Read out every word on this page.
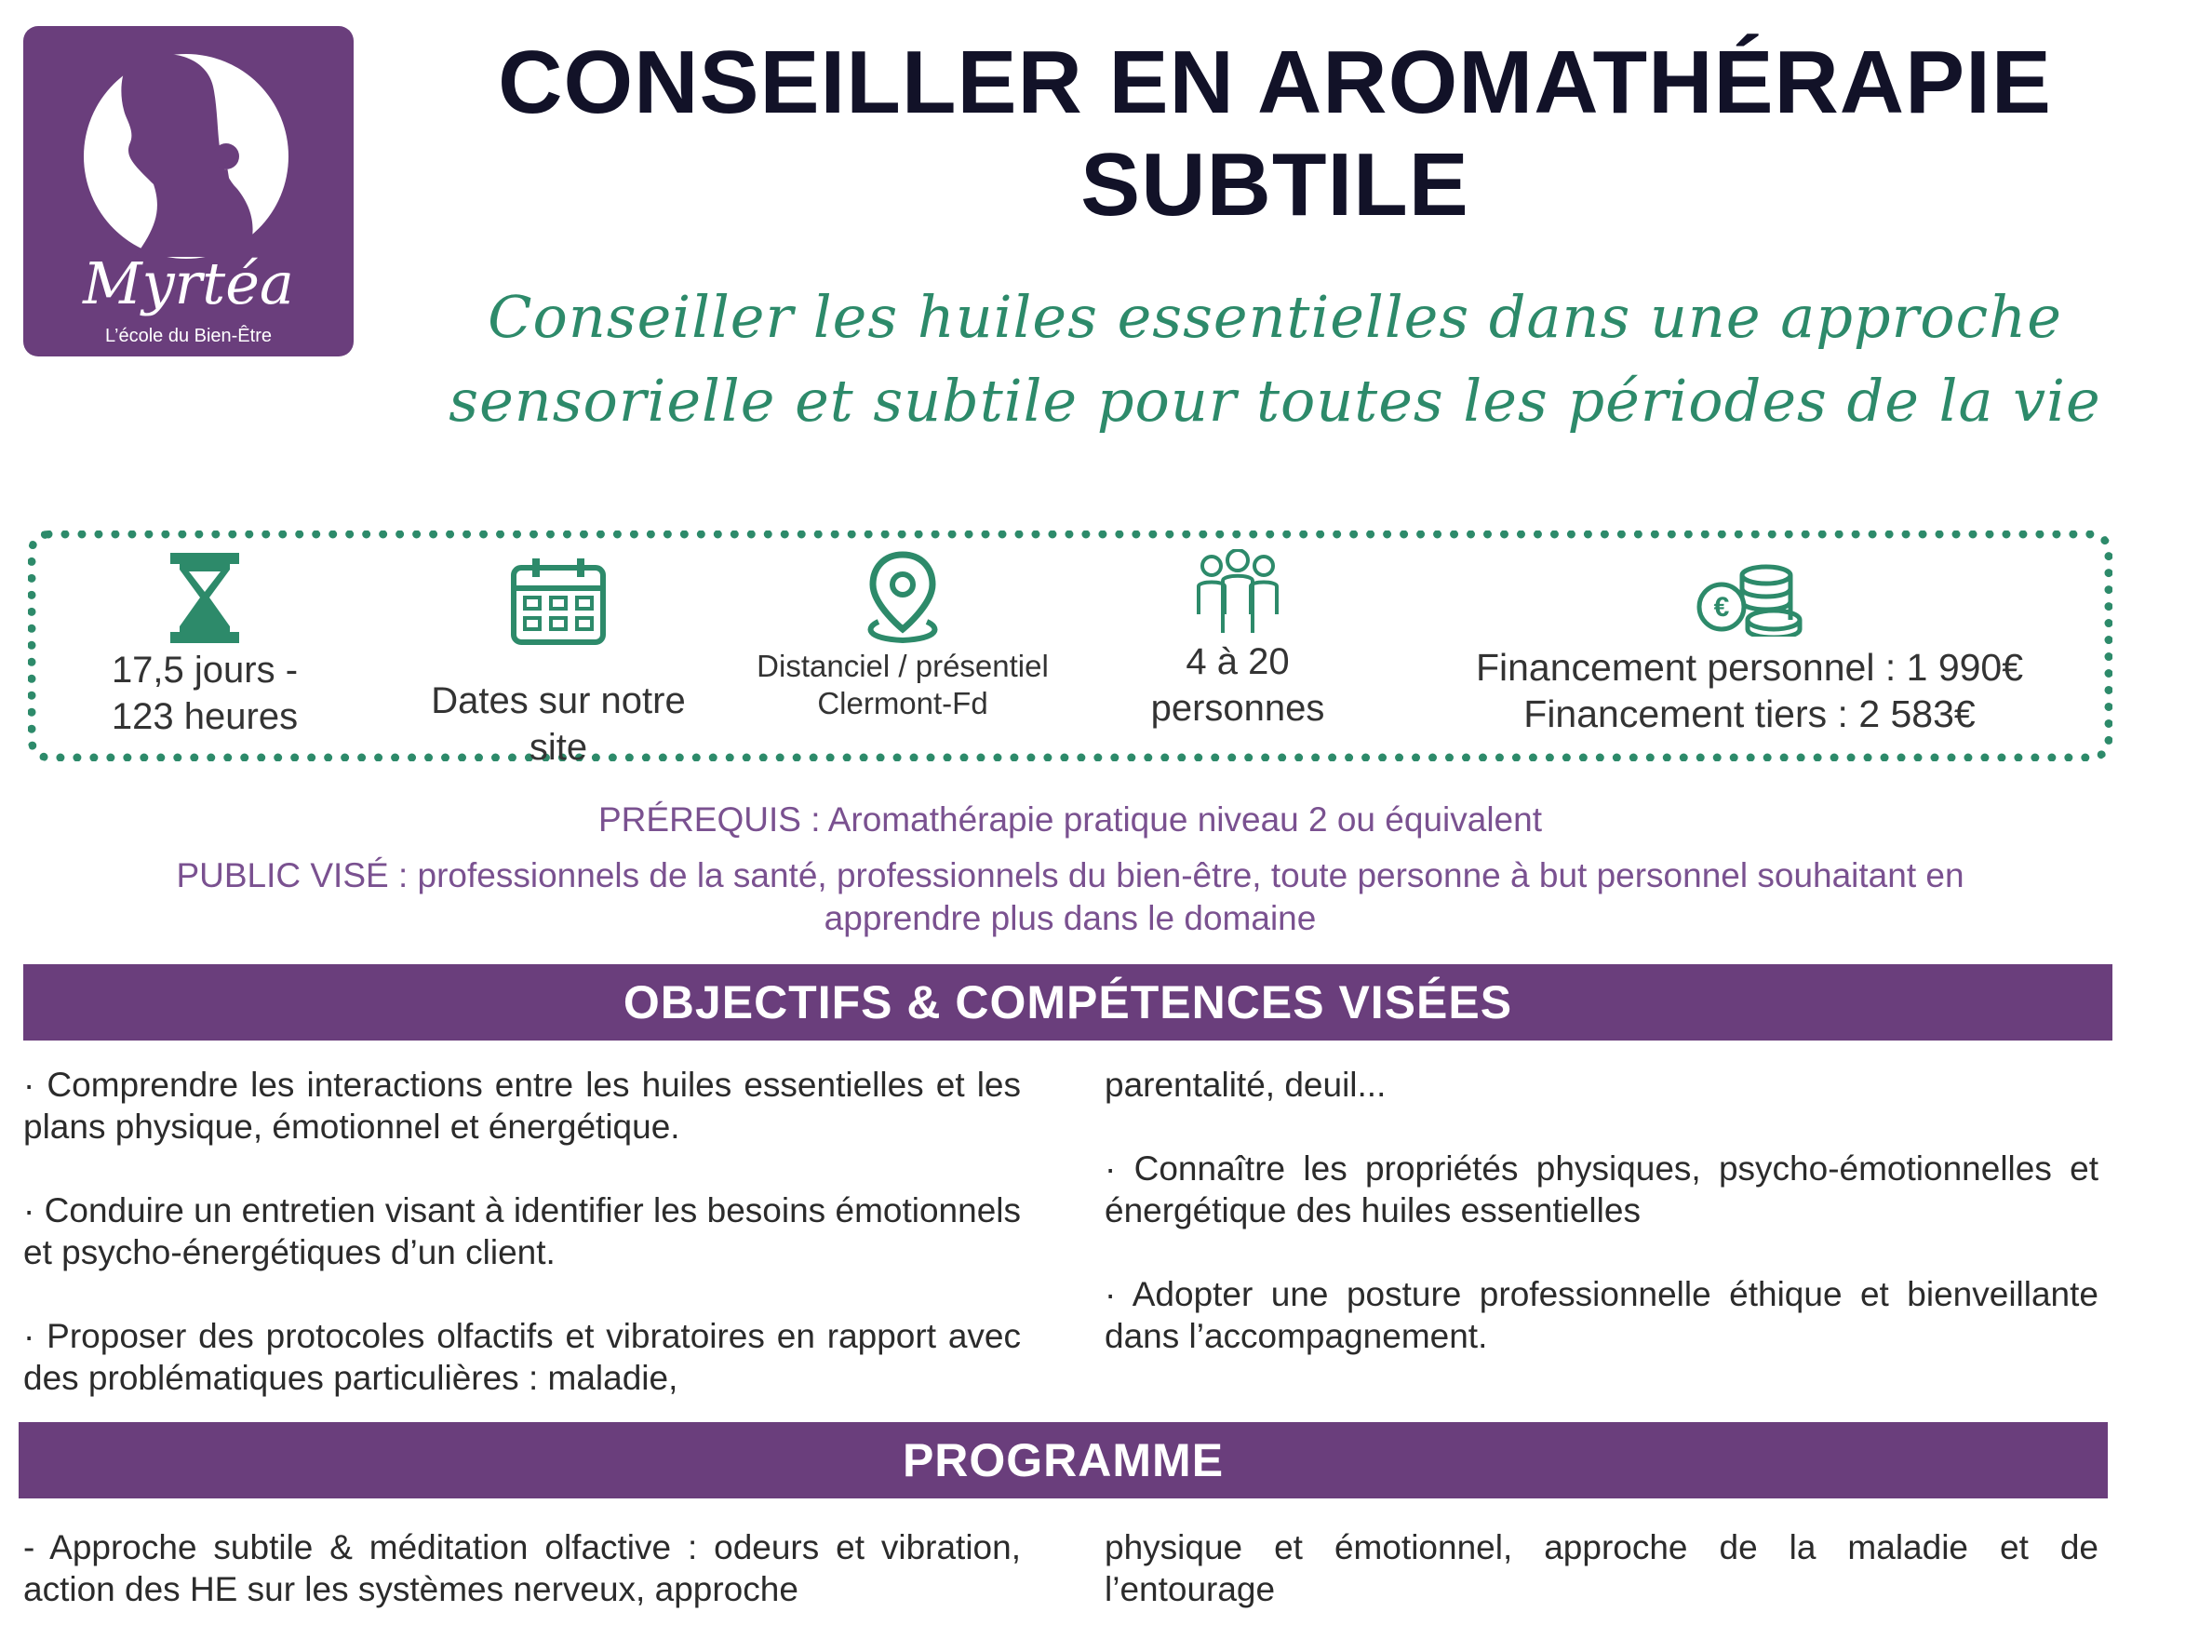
Myrtéa
L’école du Bien-Être
CONSEILLER EN AROMATHÉRAPIE
SUBTILE
Conseiller les huiles essentielles dans une approche
sensorielle et subtile pour toutes les périodes de la vie
17,5 jours -
123 heures	Dates sur notre
site
Distanciel / présentiel
Clermont-Fd
4 à 20
personnes
€
Financement personnel : 1 990€
Financement tiers : 2 583€
PRÉREQUIS : Aromathérapie pratique niveau 2 ou équivalent
PUBLIC VISÉ : professionnels de la santé, professionnels du bien-être, toute personne à but personnel souhaitant en
apprendre plus dans le domaine
OBJECTIFS & COMPÉTENCES VISÉES

· Comprendre les interactions entre les huiles essentielles et les plans physique, émotionnel et énergétique.

· Conduire un entretien visant à identifier les besoins émotionnels et psycho-énergétiques d’un client.

· Proposer des protocoles olfactifs et vibratoires en rapport avec des problématiques particulières : maladie,

parentalité, deuil...

· Connaître les propriétés physiques, psycho-émotionnelles et énergétique des huiles essentielles

· Adopter une posture professionnelle éthique et bienveillante dans l’accompagnement.

PROGRAMME

- Approche subtile & méditation olfactive : odeurs et vibration, action des HE sur les systèmes nerveux, approche

physique et émotionnel, approche de la maladie et de l’entourage
